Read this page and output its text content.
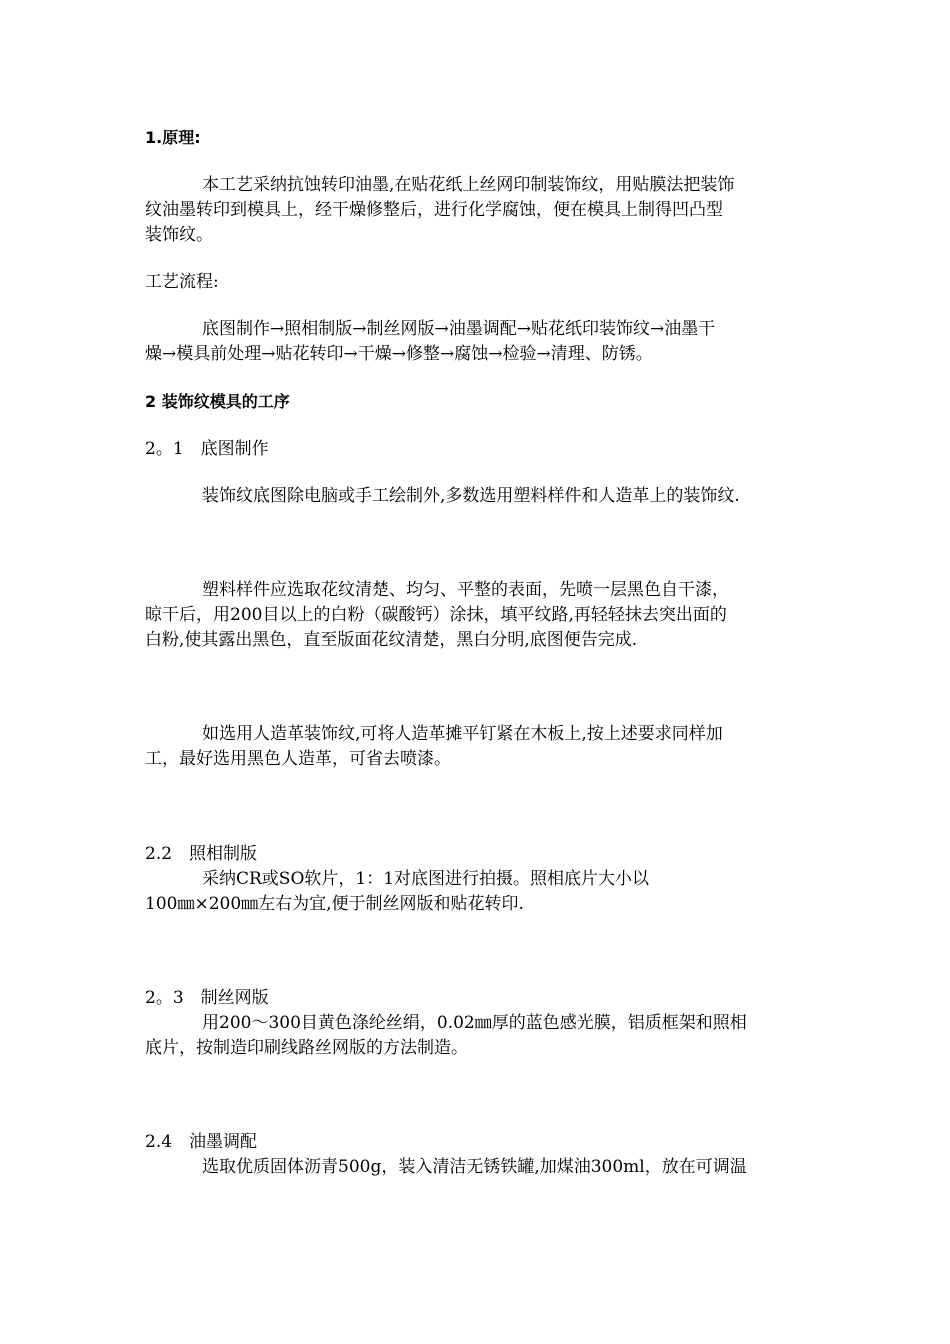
1.原理:
本工艺采纳抗蚀转印油墨,在贴花纸上丝网印制装饰纹，用贴膜法把装饰
纹油墨转印到模具上，经干燥修整后，进行化学腐蚀，便在模具上制得凹凸型
装饰纹。
工艺流程:
底图制作→照相制版→制丝网版→油墨调配→贴花纸印装饰纹→油墨干
燥→模具前处理→贴花转印→干燥→修整→腐蚀→检验→清理、防锈。
2 装饰纹模具的工序
2。1　底图制作
装饰纹底图除电脑或手工绘制外,多数选用塑料样件和人造革上的装饰纹.
塑料样件应选取花纹清楚、均匀、平整的表面，先喷一层黑色自干漆，
晾干后，用200目以上的白粉（碳酸钙）涂抹，填平纹路,再轻轻抹去突出面的
白粉,使其露出黑色，直至版面花纹清楚，黑白分明,底图便告完成.
如选用人造革装饰纹,可将人造革摊平钉紧在木板上,按上述要求同样加
工，最好选用黑色人造革，可省去喷漆。
2.2　照相制版
采纳CR或SO软片，1：1对底图进行拍摄。照相底片大小以
100㎜×200㎜左右为宜,便于制丝网版和贴花转印.
2。3　制丝网版
用200～300目黄色涤纶丝绢，0.02㎜厚的蓝色感光膜，铝质框架和照相
底片，按制造印刷线路丝网版的方法制造。
2.4　油墨调配
选取优质固体沥青500g，装入清洁无锈铁罐,加煤油300ml，放在可调温
